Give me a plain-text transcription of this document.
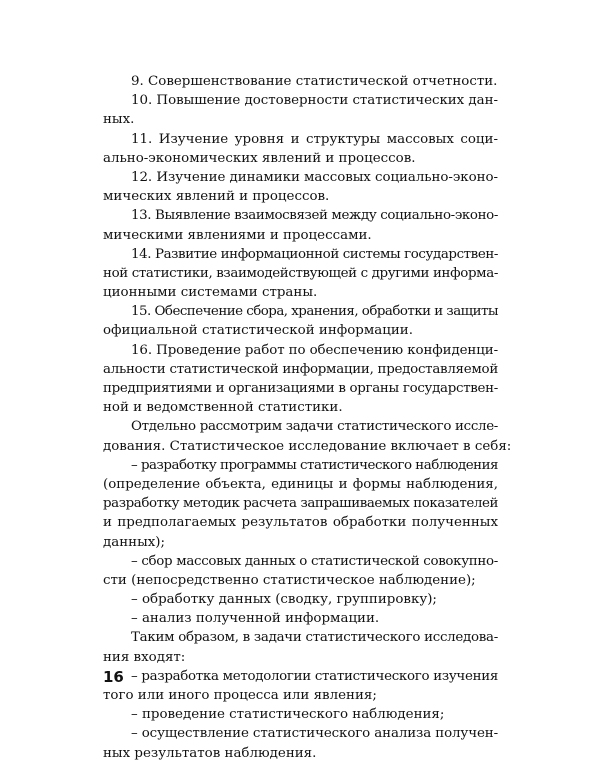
9. Совершенствование статистической отчетности.
10. Повышение достоверности статистических дан-
ных.
11. Изучение уровня и структуры массовых соци-
ально-экономических явлений и процессов.
12. Изучение динамики массовых социально-эконо-
мических явлений и процессов.
13. Выявление взаимосвязей между социально-эконо-
мическими явлениями и процессами.
14. Развитие информационной системы государствен-
ной статистики, взаимодействующей с другими информа-
ционными системами страны.
15. Обеспечение сбора, хранения, обработки и защиты
официальной статистической информации.
16. Проведение работ по обеспечению конфиденци-
альности статистической информации, предоставляемой
предприятиями и организациями в органы государствен-
ной и ведомственной статистики.
Отдельно рассмотрим задачи статистического иссле-
дования. Статистическое исследование включает в себя:
– разработку программы статистического наблюдения
(определение объекта, единицы и формы наблюдения,
разработку методик расчета запрашиваемых показателей
и предполагаемых результатов обработки полученных
данных);
– сбор массовых данных о статистической совокупно-
сти (непосредственно статистическое наблюдение);
– обработку данных (сводку, группировку);
– анализ полученной информации.
Таким образом, в задачи статистического исследова-
ния входят:
– разработка методологии статистического изучения
того или иного процесса или явления;
– проведение статистического наблюдения;
– осуществление статистического анализа получен-
ных результатов наблюдения.
16
